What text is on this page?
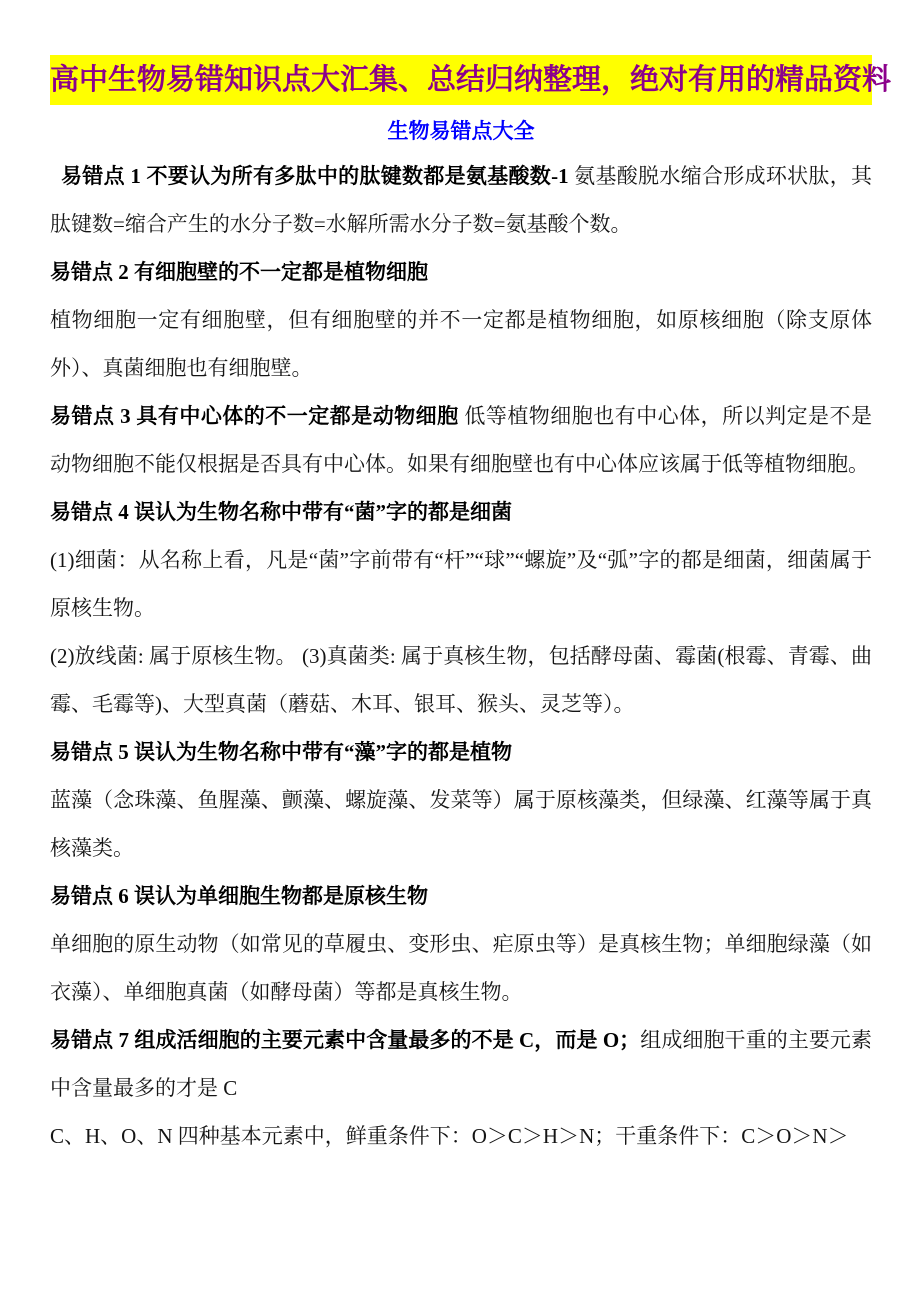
高中生物易错知识点大汇集、总结归纳整理，绝对有用的精品资料
生物易错点大全

易错点 1 不要认为所有多肽中的肽键数都是氨基酸数-1 氨基酸脱水缩合形成环状肽，其肽键数=缩合产生的水分子数=水解所需水分子数=氨基酸个数。

易错点 2 有细胞壁的不一定都是植物细胞

植物细胞一定有细胞壁，但有细胞壁的并不一定都是植物细胞，如原核细胞（除支原体外）、真菌细胞也有细胞壁。

易错点 3 具有中心体的不一定都是动物细胞 低等植物细胞也有中心体，所以判定是不是动物细胞不能仅根据是否具有中心体。如果有细胞壁也有中心体应该属于低等植物细胞。

易错点 4 误认为生物名称中带有“菌”字的都是细菌

(1)细菌：从名称上看，凡是“菌”字前带有“杆”“球”“螺旋”及“弧”字的都是细菌，细菌属于原核生物。

(2)放线菌: 属于原核生物。 (3)真菌类: 属于真核生物，包括酵母菌、霉菌(根霉、青霉、曲霉、毛霉等)、大型真菌（蘑菇、木耳、银耳、猴头、灵芝等）。

易错点 5 误认为生物名称中带有“藻”字的都是植物

蓝藻（念珠藻、鱼腥藻、颤藻、螺旋藻、发菜等）属于原核藻类，但绿藻、红藻等属于真核藻类。

易错点 6 误认为单细胞生物都是原核生物

单细胞的原生动物（如常见的草履虫、变形虫、疟原虫等）是真核生物；单细胞绿藻（如衣藻）、单细胞真菌（如酵母菌）等都是真核生物。

易错点 7 组成活细胞的主要元素中含量最多的不是 C，而是 O；组成细胞干重的主要元素中含量最多的才是 C

C、H、O、N 四种基本元素中，鲜重条件下：O＞C＞H＞N；干重条件下：C＞O＞N＞
